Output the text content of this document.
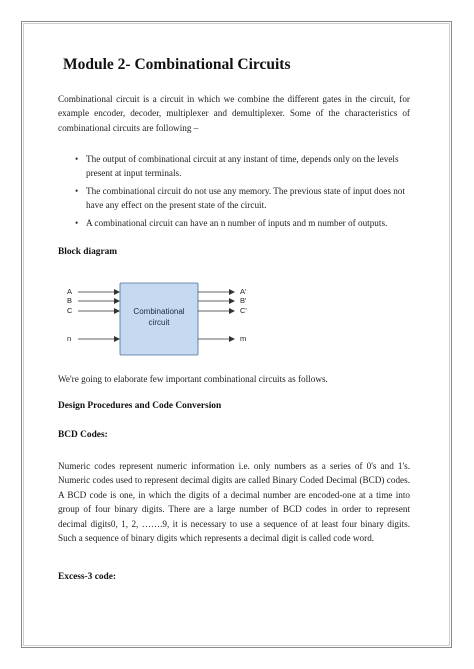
Module 2- Combinational Circuits

Combinational circuit is a circuit in which we combine the different gates in the circuit, for example encoder, decoder, multiplexer and demultiplexer. Some of the characteristics of combinational circuits are following –

• The output of combinational circuit at any instant of time, depends only on the levels present at input terminals.
• The combinational circuit do not use any memory. The previous state of input does not have any effect on the present state of the circuit.
• A combinational circuit can have an n number of inputs and m number of outputs.
Block diagram
Combinational
circuit
A
B
C
n
A'
B'
C'
m

We're going to elaborate few important combinational circuits as follows.

Design Procedures and Code Conversion
BCD Codes:

Numeric codes represent numeric information i.e. only numbers as a series of 0's and 1's. Numeric codes used to represent decimal digits are called Binary Coded Decimal (BCD) codes. A BCD code is one, in which the digits of a decimal number are encoded-one at a time into group of four binary digits. There are a large number of BCD codes in order to represent decimal digits0, 1, 2, …….9, it is necessary to use a sequence of at least four binary digits. Such a sequence of binary digits which represents a decimal digit is called code word.

Excess-3 code:
